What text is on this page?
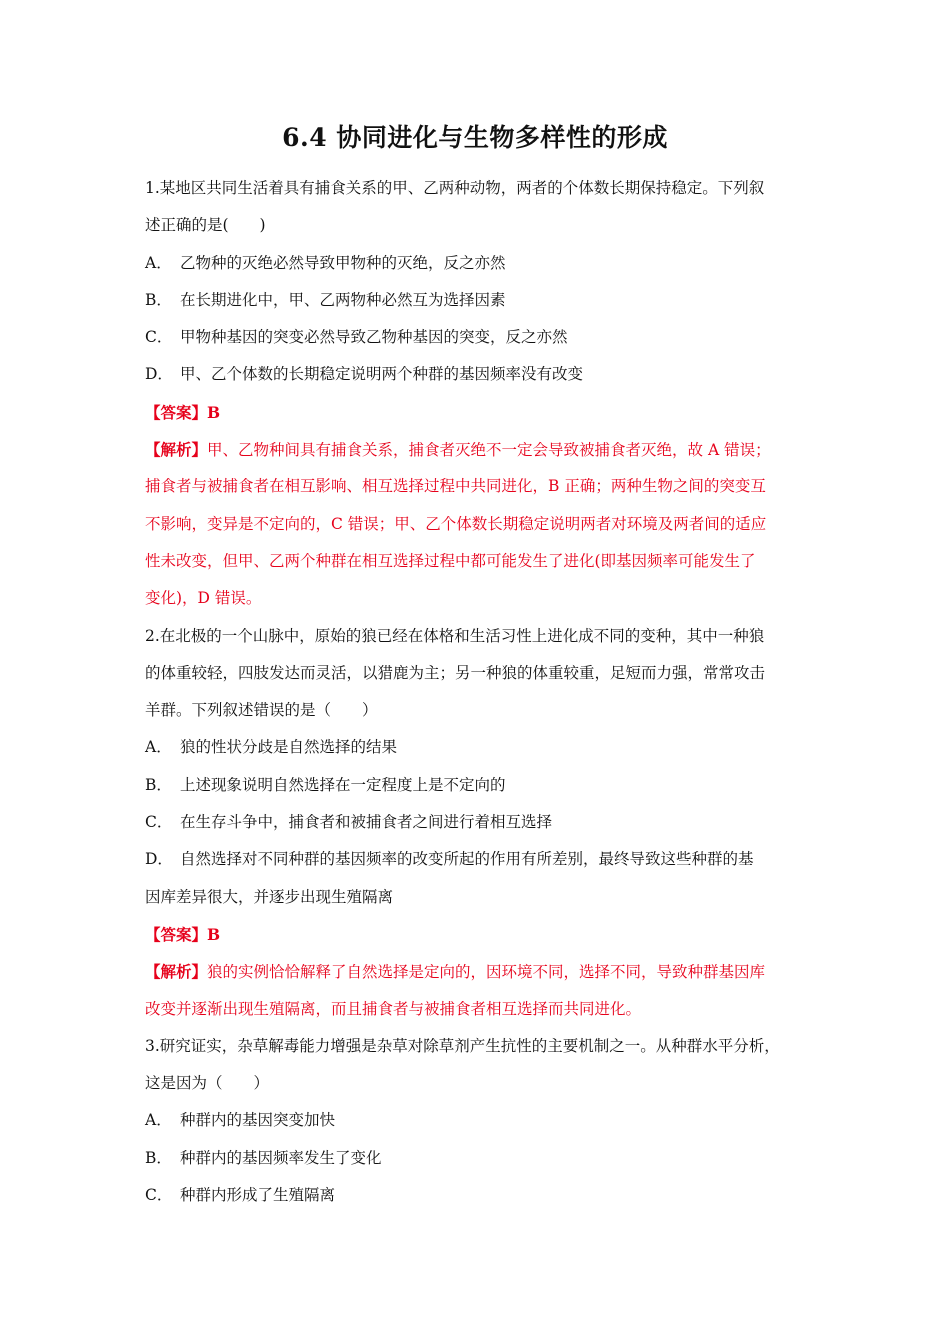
6.4 协同进化与生物多样性的形成

1.某地区共同生活着具有捕食关系的甲、乙两种动物，两者的个体数长期保持稳定。下列叙

述正确的是(　　)

A． 乙物种的灭绝必然导致甲物种的灭绝，反之亦然

B． 在长期进化中，甲、乙两物种必然互为选择因素

C． 甲物种基因的突变必然导致乙物种基因的突变，反之亦然

D． 甲、乙个体数的长期稳定说明两个种群的基因频率没有改变

【答案】B

【解析】甲、乙物种间具有捕食关系，捕食者灭绝不一定会导致被捕食者灭绝，故 A 错误；

捕食者与被捕食者在相互影响、相互选择过程中共同进化，B 正确；两种生物之间的突变互

不影响，变异是不定向的，C 错误；甲、乙个体数长期稳定说明两者对环境及两者间的适应

性未改变，但甲、乙两个种群在相互选择过程中都可能发生了进化(即基因频率可能发生了

变化)，D 错误。

2.在北极的一个山脉中，原始的狼已经在体格和生活习性上进化成不同的变种，其中一种狼

的体重较轻，四肢发达而灵活，以猎鹿为主；另一种狼的体重较重，足短而力强，常常攻击

羊群。下列叙述错误的是（　　）

A． 狼的性状分歧是自然选择的结果

B． 上述现象说明自然选择在一定程度上是不定向的

C． 在生存斗争中，捕食者和被捕食者之间进行着相互选择

D． 自然选择对不同种群的基因频率的改变所起的作用有所差别，最终导致这些种群的基

因库差异很大，并逐步出现生殖隔离

【答案】B

【解析】狼的实例恰恰解释了自然选择是定向的，因环境不同，选择不同，导致种群基因库

改变并逐渐出现生殖隔离，而且捕食者与被捕食者相互选择而共同进化。

3.研究证实，杂草解毒能力增强是杂草对除草剂产生抗性的主要机制之一。从种群水平分析，

这是因为（　　）

A． 种群内的基因突变加快

B． 种群内的基因频率发生了变化

C． 种群内形成了生殖隔离
